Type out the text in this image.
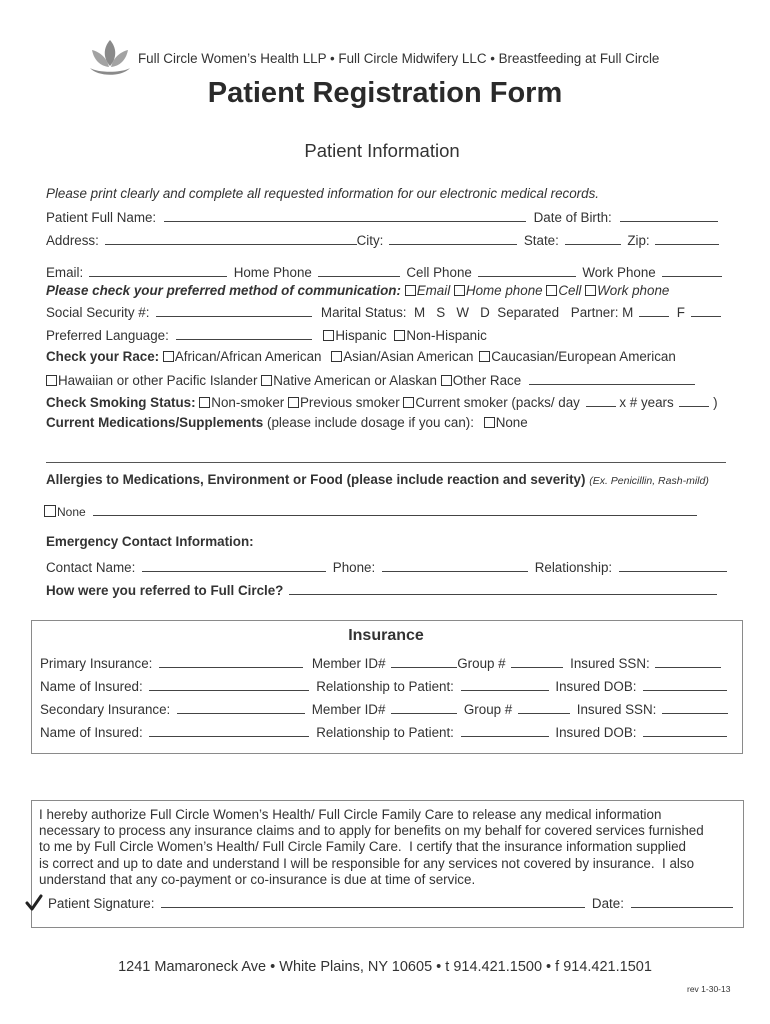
Full Circle Women’s Health LLP • Full Circle Midwifery LLC • Breastfeeding at Full Circle
Patient Registration Form
Patient Information
Please print clearly and complete all requested information for our electronic medical records.
Patient Full Name:	Date of Birth:
Address:	City:	State:	Zip:
Email:	Home Phone	Cell Phone	Work Phone
Please check your preferred method of communication: Email Home phone Cell Work phone
Social Security #:	Marital Status:  M   S   W   D  Separated Partner: M	F
Preferred Language:	Hispanic Non-Hispanic
Check your Race: African/African American Asian/Asian American Caucasian/European American
Hawaiian or other Pacific Islander Native American or Alaskan Other Race
Check Smoking Status: Non-smoker Previous smoker Current smoker (packs/ day	x # years	)
Current Medications/Supplements (please include dosage if you can): None
Allergies to Medications, Environment or Food (please include reaction and severity) (Ex. Penicillin, Rash-mild)
None
Emergency Contact Information:
Contact Name:	Phone:	Relationship:
How were you referred to Full Circle?
Insurance
Primary Insurance:	Member ID#	Group #	Insured SSN:
Name of Insured:	Relationship to Patient:	Insured DOB:
Secondary Insurance:	Member ID#	Group #	Insured SSN:
Name of Insured:	Relationship to Patient:	Insured DOB:
I hereby authorize Full Circle Women’s Health/ Full Circle Family Care to release any medical information
necessary to process any insurance claims and to apply for benefits on my behalf for covered services furnished
to me by Full Circle Women’s Health/ Full Circle Family Care.  I certify that the insurance information supplied
is correct and up to date and understand I will be responsible for any services not covered by insurance.  I also
understand that any co-payment or co-insurance is due at time of service.
Patient Signature:	Date:
1241 Mamaroneck Ave • White Plains, NY 10605 • t 914.421.1500 • f 914.421.1501
rev 1-30-13
